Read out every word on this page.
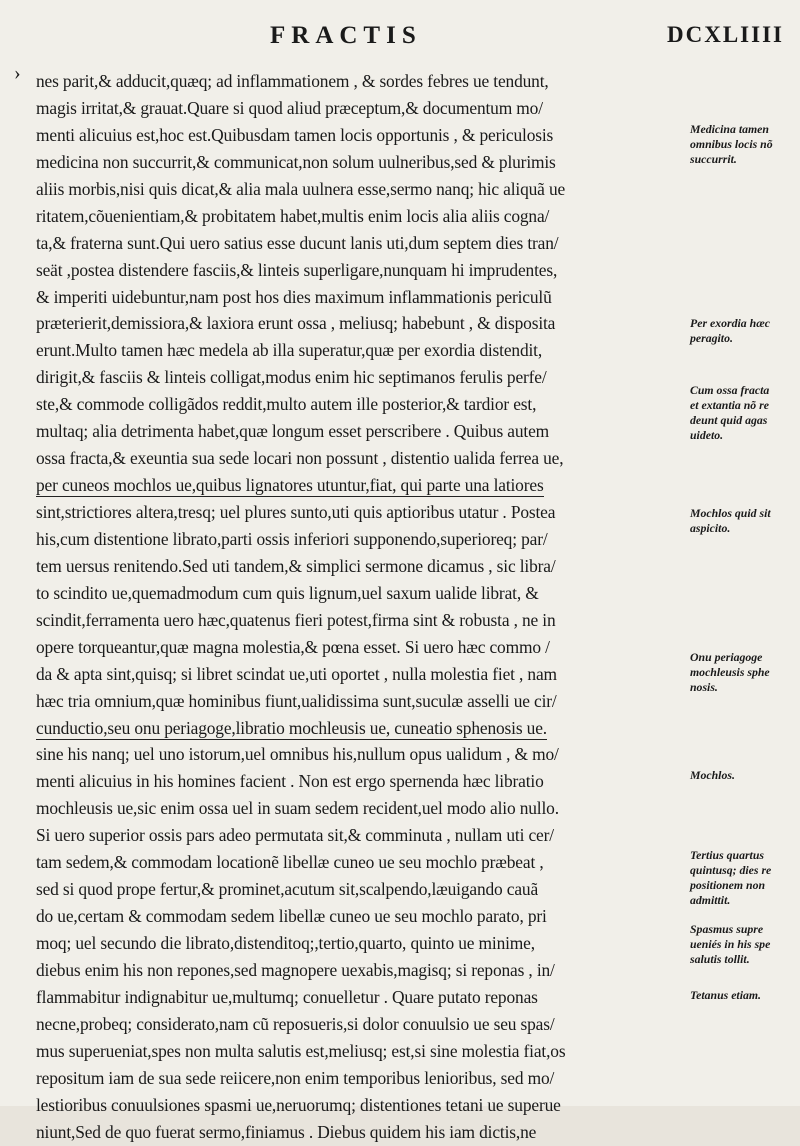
FRACTIS	DCXLIIII
› nes parit,& adducit,quæq; ad inflammationem , & sordes febres ue tendunt,
magis irritat,& grauat.Quare si quod aliud præceptum,& documentum mo/
menti alicuius est,hoc est.Quibusdam tamen locis opportunis , & periculosis
medicina non succurrit,& communicat,non solum uulneribus,sed & plurimis
aliis morbis,nisi quis dicat,& alia mala uulnera esse,sermo nanq; hic aliquã ue
ritatem,cõuenientiam,& probitatem habet,multis enim locis alia aliis cogna/
ta,& fraterna sunt.Qui uero satius esse ducunt lanis uti,dum septem dies tran/
seät ,postea distendere fasciis,& linteis superligare,nunquam hi imprudentes,
& imperiti uidebuntur,nam post hos dies maximum inflammationis periculũ
præterierit,demissiora,& laxiora erunt ossa , meliusq; habebunt , & disposita
erunt.Multo tamen hæc medela ab illa superatur,quæ per exordia distendit,
dirigit,& fasciis & linteis colligat,modus enim hic septimanos ferulis perfe/
ste,& commode colligãdos reddit,multo autem ille posterior,& tardior est,
multaq; alia detrimenta habet,quæ longum esset perscribere . Quibus autem
ossa fracta,& exeuntia sua sede locari non possunt , distentio ualida ferrea ue,
per cuneos mochlos ue,quibus lignatores utuntur,fiat, qui parte una latiores
sint,strictiores altera,tresq; uel plures sunto,uti quis aptioribus utatur . Postea
his,cum distentione librato,parti ossis inferiori supponendo,superioreq; par/
tem uersus renitendo.Sed uti tandem,& simplici sermone dicamus , sic libra/
to scindito ue,quemadmodum cum quis lignum,uel saxum ualide librat, &
scindit,ferramenta uero hæc,quatenus fieri potest,firma sint & robusta , ne in
opere torqueantur,quæ magna molestia,& pœna esset. Si uero hæc commo /
da & apta sint,quisq; si libret scindat ue,uti oportet , nulla molestia fiet , nam
hæc tria omnium,quæ hominibus fiunt,ualidissima sunt,suculæ asselli ue cir/
cunductio,seu onu periagoge,libratio mochleusis ue, cuneatio sphenosis ue.
sine his nanq; uel uno istorum,uel omnibus his,nullum opus ualidum , & mo/
menti alicuius in his homines facient . Non est ergo spernenda hæc libratio
mochleusis ue,sic enim ossa uel in suam sedem recident,uel modo alio nullo.
Si uero superior ossis pars adeo permutata sit,& comminuta , nullam uti cer/
tam sedem,& commodam locationẽ libellæ cuneo ue seu mochlo præbeat ,
sed si quod prope fertur,& prominet,acutum sit,scalpendo,læuigando cauã
do ue,certam & commodam sedem libellæ cuneo ue seu mochlo parato, pri
moq; uel secundo die librato,distenditoq;,tertio,quarto, quinto ue minime,
diebus enim his non repones,sed magnopere uexabis,magisq; si reponas , in/
flammabitur indignabitur ue,multumq; conuelletur . Quare putato reponas
necne,probeq; considerato,nam cũ reposueris,si dolor conuulsio ue seu spas/
mus superueniat,spes non multa salutis est,meliusq; est,si sine molestia fiat,os
repositum iam de sua sede reiicere,non enim temporibus lenioribus, sed mo/
lestioribus conuulsiones spasmi ue,neruorumq; distentiones tetani ue superue
niunt,Sed de quo fuerat sermo,finiamus . Diebus quidem his iam dictis,ne
Medicina tamen
omnibus locis nõ
succurrit.
Per exordia hæc
peragito.
Cum ossa fracta
et extantia nõ re
deunt quid agas
uideto.
Mochlos quid sit
aspicito.
Onu periagoge
mochleusis sphe
nosis.
Mochlos.
Tertius quartus
quintusq; dies re
positionem non
admittit.
Spasmus supre
ueniés in his spe
salutis tollit.
Tetanus etiam.
